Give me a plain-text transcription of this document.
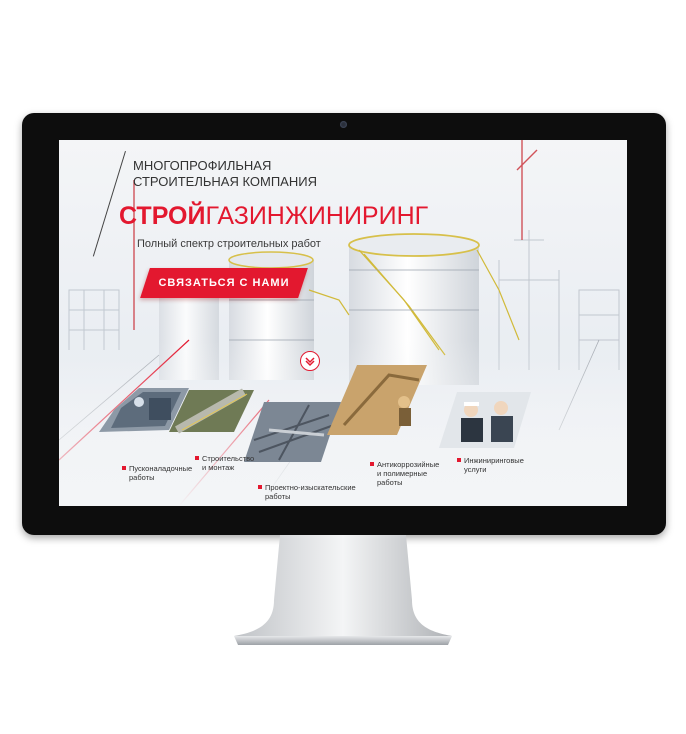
МНОГОПРОФИЛЬНАЯ

СТРОИТЕЛЬНАЯ КОМПАНИЯ

СТРОЙГАЗИНЖИНИРИНГ
Полный спектр строительных работ
СВЯЗАТЬСЯ С НАМИ
Пусконаладочные
работы
Строительство
и монтаж
Проектно-изыскательские
работы
Антикоррозийные
и полимерные
работы
Инжиниринговые
услуги
